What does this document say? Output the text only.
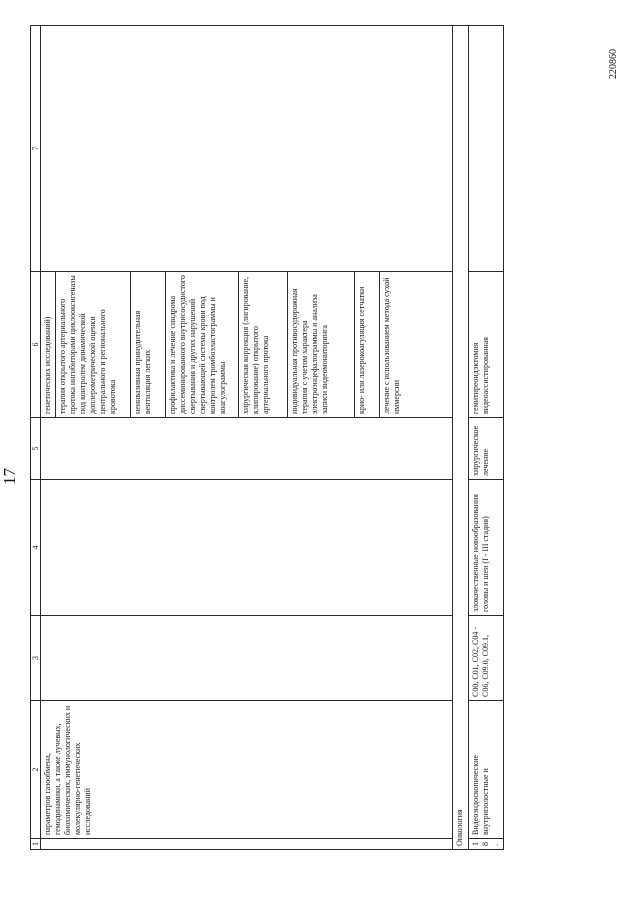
17
1	2	3	4	5	6	7
	параметров газообмена, гемодинамики, а также лучевых, биохимических, иммунологических и молекулярно-генетических исследований				генетических исследований)	
					терапия открытого артериального протока ингибиторами циклооксигеназы под контролем динамической доплерометрической оценки центрального и регионального кровотока	
					неинвазивная принудительная вентиляция легких	
					профилактика и лечение синдрома диссеминированного внутрисосудистого свертывания и других нарушений свертывающей системы крови под контролем тромбоэластограммы и коагулограммы	
					хирургическая коррекция (лигирование, клипирование) открытого артериального протока	
					индивидуальная противосудорожная терапия с учетом характера электроэнцефалограммы и анализа записи видеомониторинга	
					крио- или лазерокоагуляция сетчатки	
					лечение с использованием метода сухой иммерсии	
Онкология						
18.	Видеоэндоскопические внутриполостные и	C00, C01, C02, C04 - C06, C09.0, C09.1,	злокачественные новообразования головы и шеи (I - III стадия)	хирургическое лечение	гемитиреоидэктомия видеоассистированная	
220860
